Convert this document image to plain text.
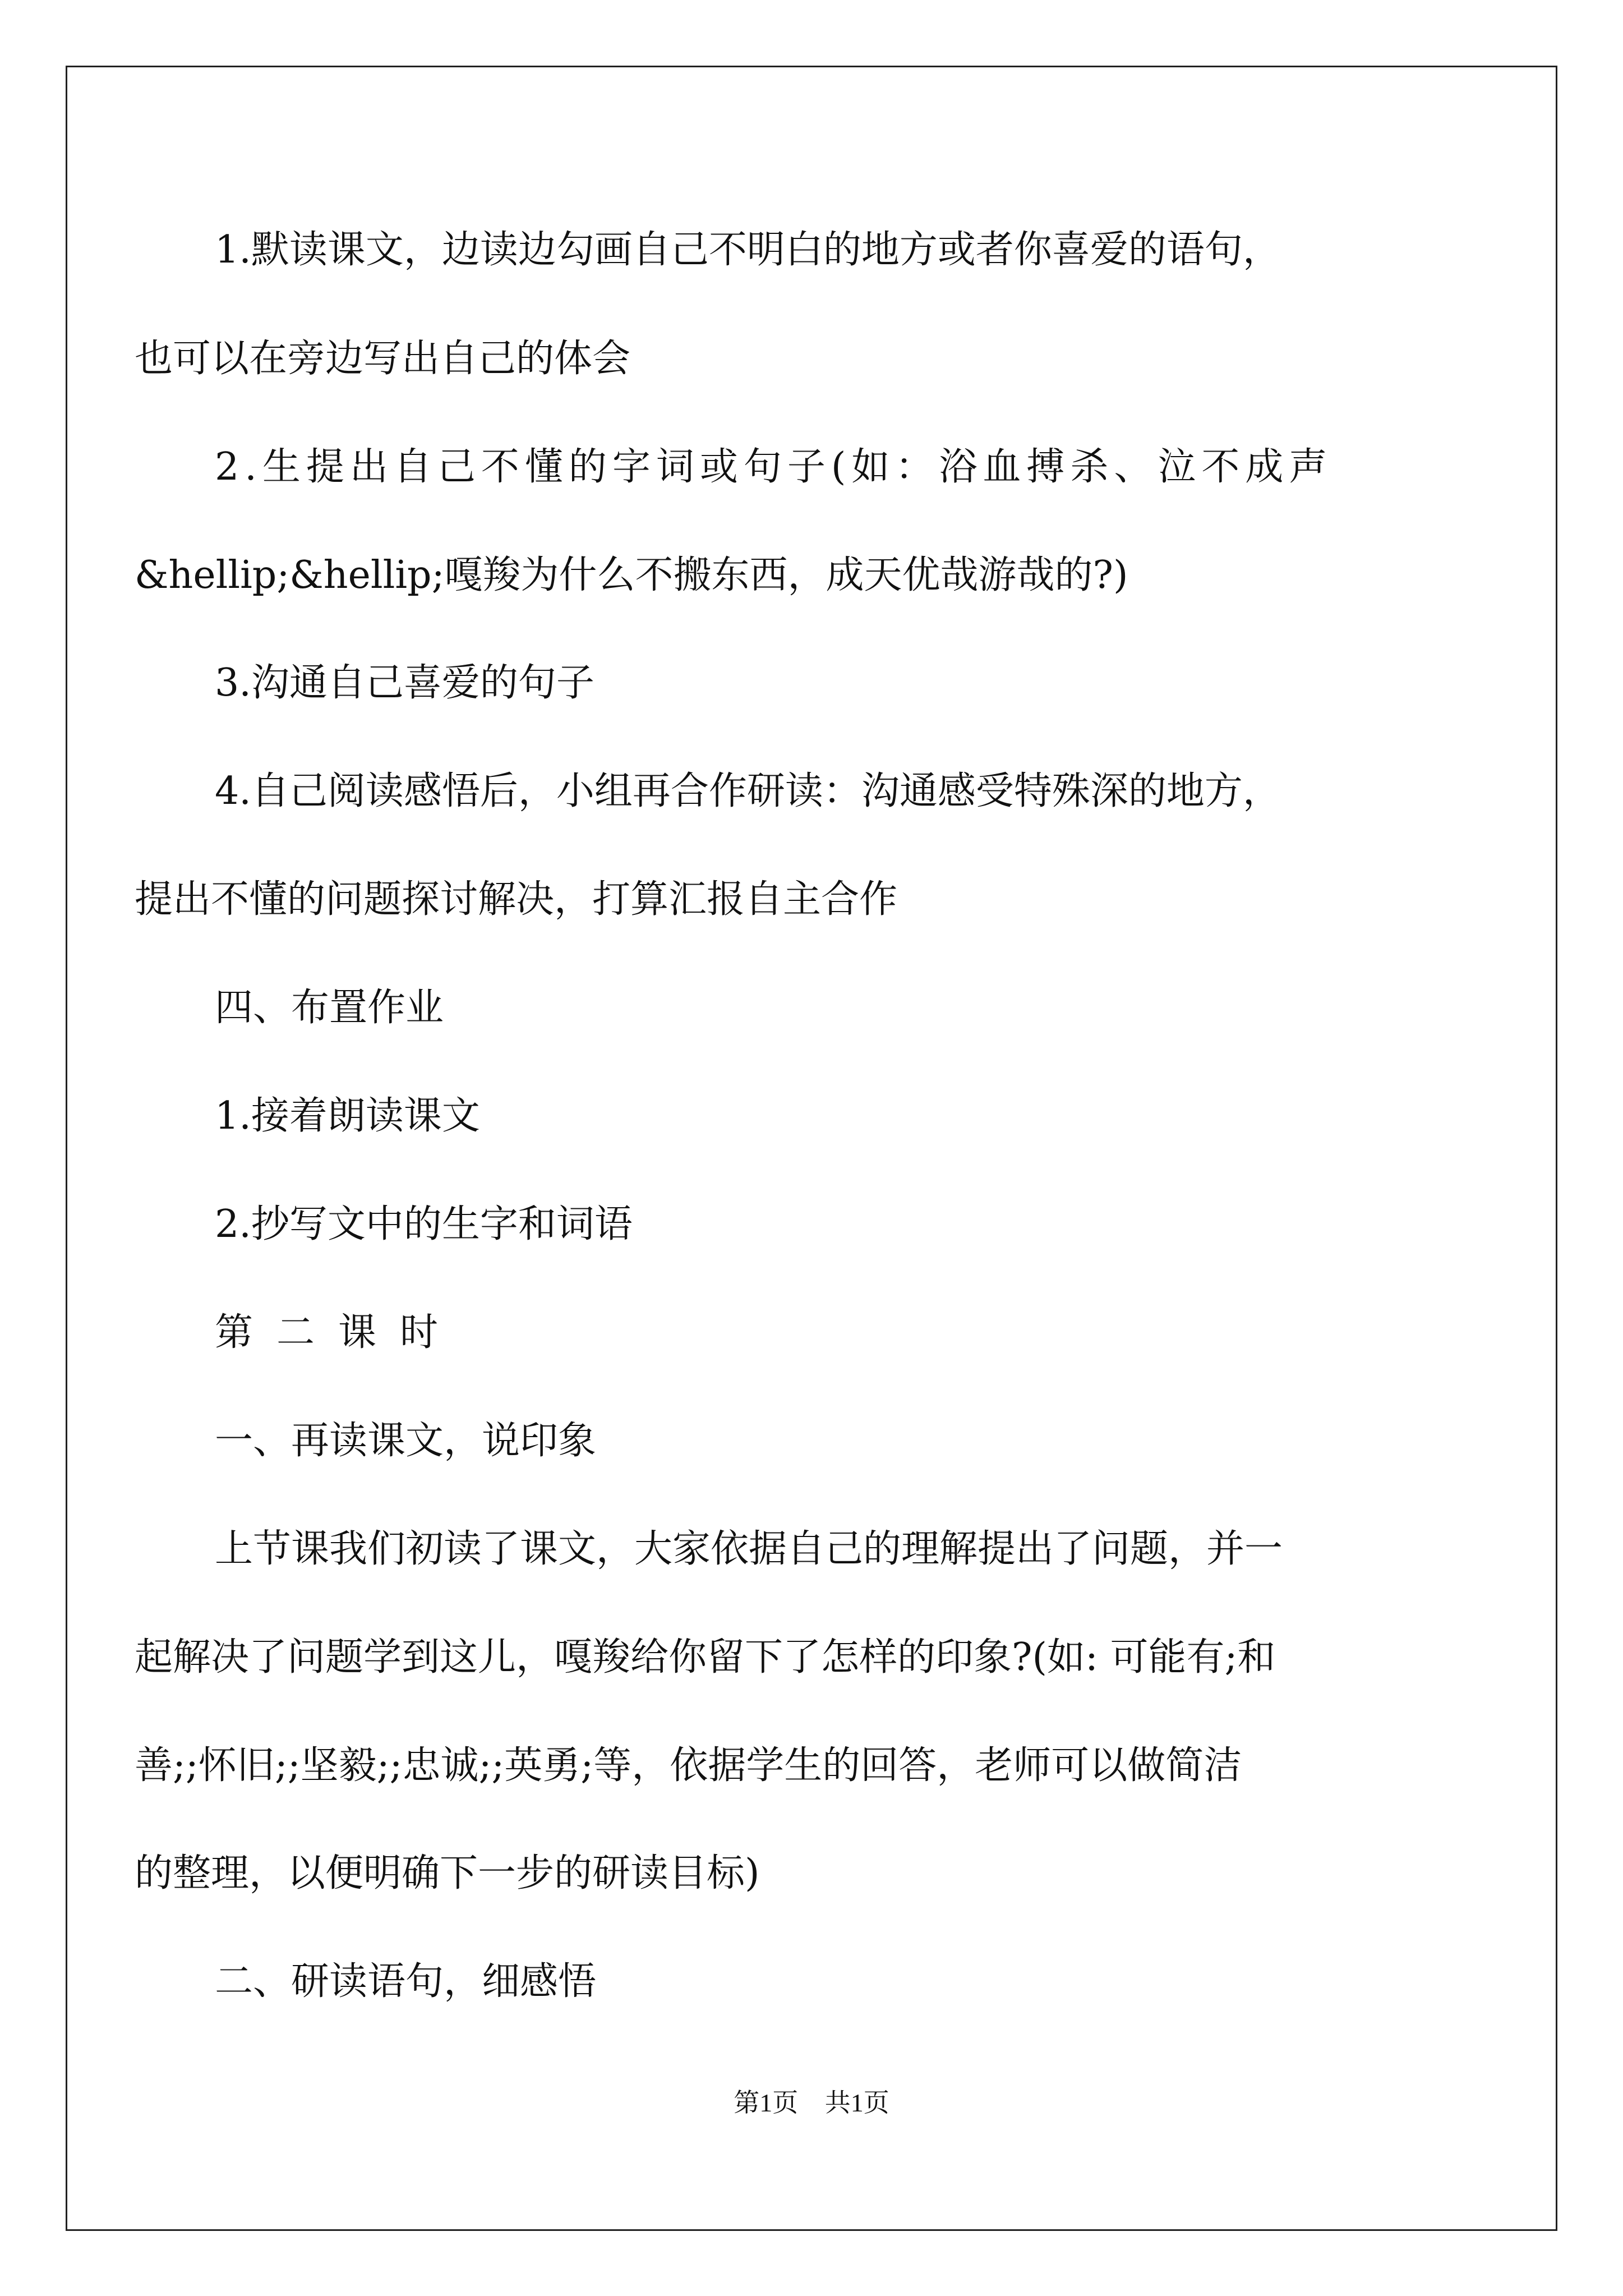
1.默读课文，边读边勾画自己不明白的地方或者你喜爱的语句，
也可以在旁边写出自己的体会
2.生提出自己不懂的字词或句子(如：浴血搏杀、泣不成声
&hellip;&hellip;嘎羧为什么不搬东西，成天优哉游哉的?)
3.沟通自己喜爱的句子
4.自己阅读感悟后，小组再合作研读：沟通感受特殊深的地方，
提出不懂的问题探讨解决，打算汇报自主合作
四、布置作业
1.接着朗读课文
2.抄写文中的生字和词语
第二课时
一、再读课文，说印象
上节课我们初读了课文，大家依据自己的理解提出了问题，并一
起解决了问题学到这儿，嘎羧给你留下了怎样的印象?(如: 可能有;和
善;;怀旧;;坚毅;;忠诚;;英勇;等，依据学生的回答，老师可以做简洁
的整理，以便明确下一步的研读目标)
二、研读语句，细感悟
第1页 共1页
